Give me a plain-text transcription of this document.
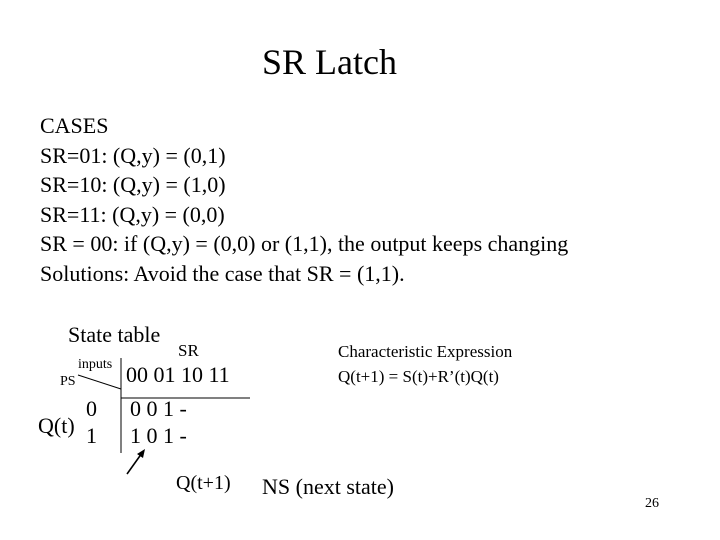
SR Latch
CASES
SR=01: (Q,y) = (0,1)
SR=10: (Q,y) = (1,0)
SR=11: (Q,y) = (0,0)
SR = 00: if (Q,y) = (0,0) or (1,1), the output keeps changing
Solutions: Avoid the case that SR = (1,1).
State table
SR
inputs
PS 00 01 10 11
Q(t)
0
1
0 0 1 -
1 0 1 -
Q(t+1) NS (next state)
Characteristic Expression
Q(t+1) = S(t)+R’(t)Q(t)
26
